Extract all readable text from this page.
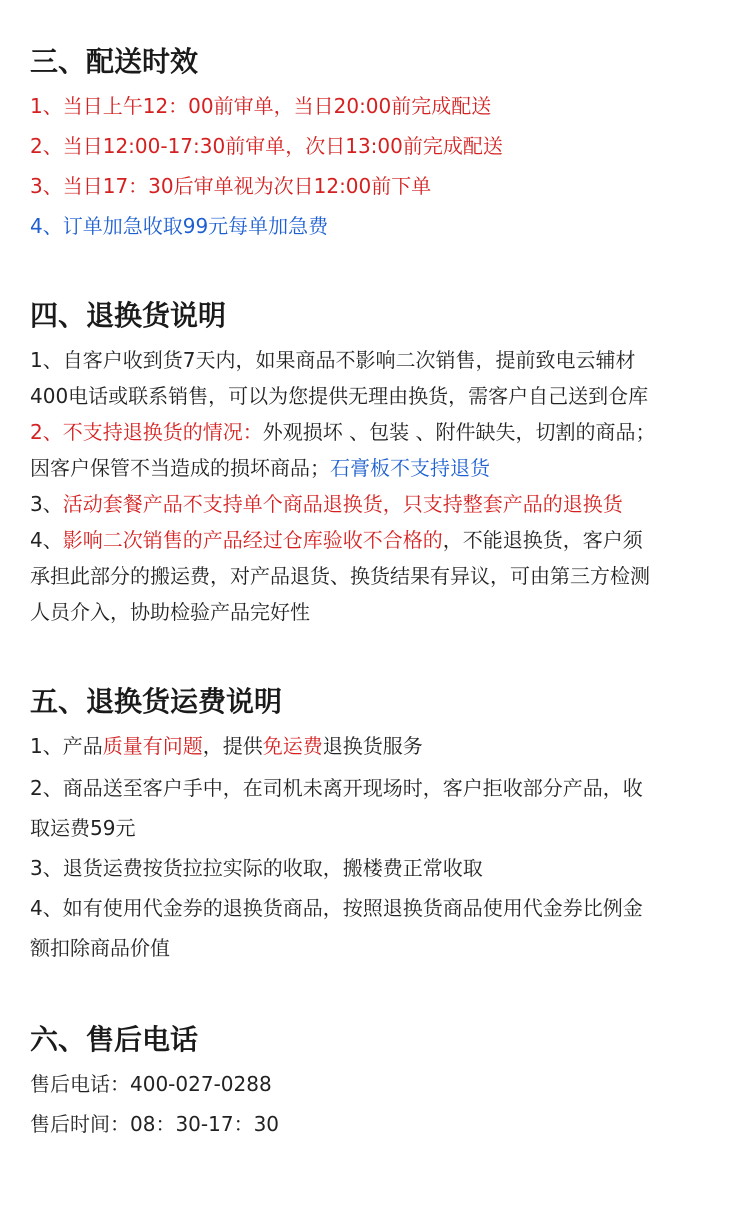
三、配送时效

1、当日上午12：00前审单，当日20:00前完成配送

2、当日12:00-17:30前审单，次日13:00前完成配送

3、当日17：30后审单视为次日12:00前下单

4、订单加急收取99元每单加急费

四、退换货说明

1、自客户收到货7天内，如果商品不影响二次销售，提前致电云辅材

400电话或联系销售，可以为您提供无理由换货，需客户自己送到仓库

2、不支持退换货的情况：外观损坏 、包装 、附件缺失，切割的商品；

因客户保管不当造成的损坏商品；石膏板不支持退货

3、活动套餐产品不支持单个商品退换货，只支持整套产品的退换货

4、影响二次销售的产品经过仓库验收不合格的，不能退换货，客户须

承担此部分的搬运费，对产品退货、换货结果有异议，可由第三方检测

人员介入，协助检验产品完好性

五、退换货运费说明

1、产品质量有问题，提供免运费退换货服务

2、商品送至客户手中，在司机未离开现场时，客户拒收部分产品，收

取运费59元

3、退货运费按货拉拉实际的收取，搬楼费正常收取

4、如有使用代金券的退换货商品，按照退换货商品使用代金券比例金

额扣除商品价值

六、售后电话

售后电话：400-027-0288

售后时间：08：30-17：30
